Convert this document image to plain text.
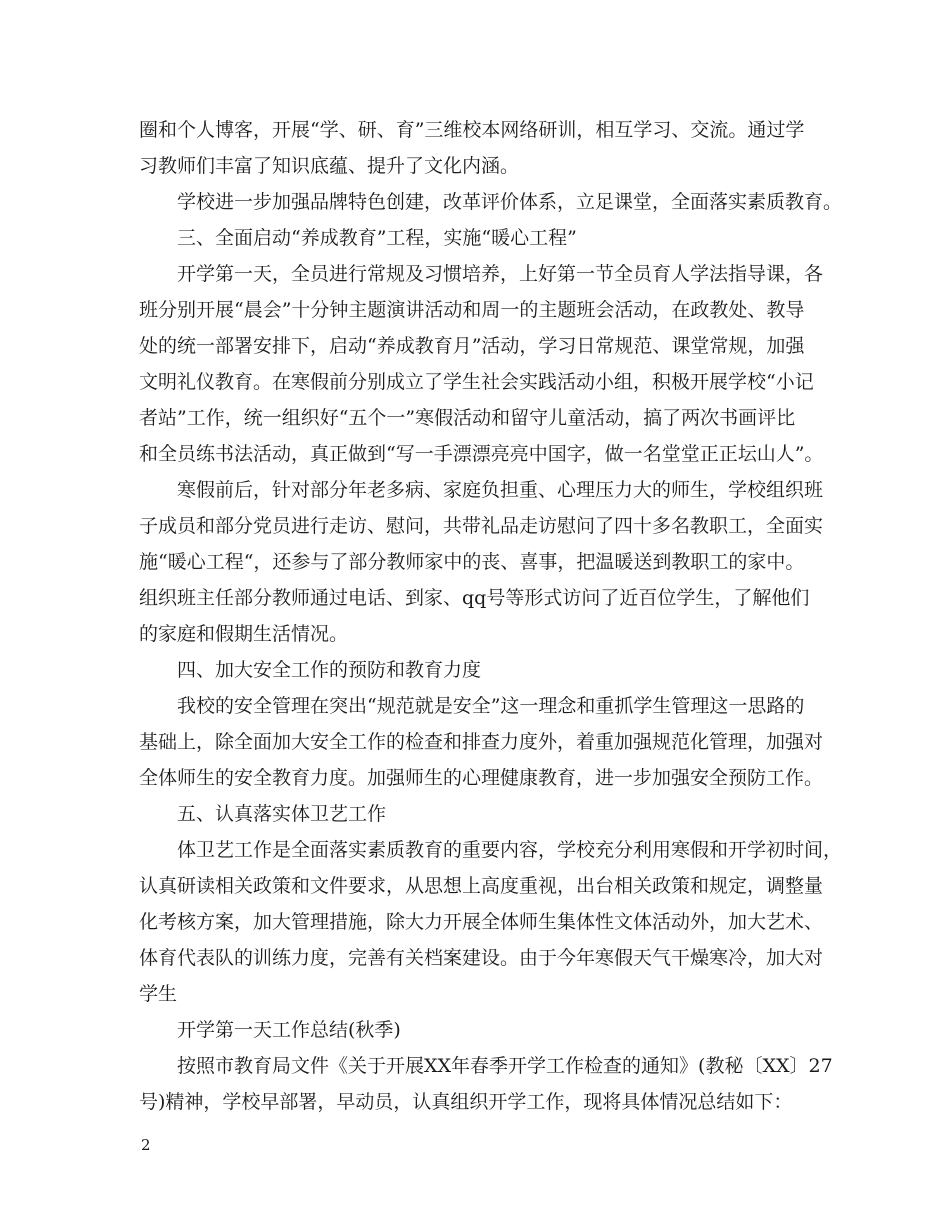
圈和个人博客，开展“学、研、育”三维校本网络研训，相互学习、交流。通过学
习教师们丰富了知识底蕴、提升了文化内涵。
学校进一步加强品牌特色创建，改革评价体系，立足课堂，全面落实素质教育。
三、全面启动“养成教育”工程，实施“暖心工程”
开学第一天，全员进行常规及习惯培养，上好第一节全员育人学法指导课，各
班分别开展“晨会”十分钟主题演讲活动和周一的主题班会活动，在政教处、教导
处的统一部署安排下，启动“养成教育月”活动，学习日常规范、课堂常规，加强
文明礼仪教育。在寒假前分别成立了学生社会实践活动小组，积极开展学校“小记
者站”工作，统一组织好“五个一”寒假活动和留守儿童活动，搞了两次书画评比
和全员练书法活动，真正做到“写一手漂漂亮亮中国字，做一名堂堂正正坛山人”。
寒假前后，针对部分年老多病、家庭负担重、心理压力大的师生，学校组织班
子成员和部分党员进行走访、慰问，共带礼品走访慰问了四十多名教职工，全面实
施“暖心工程“，还参与了部分教师家中的丧、喜事，把温暖送到教职工的家中。
组织班主任部分教师通过电话、到家、qq号等形式访问了近百位学生，了解他们
的家庭和假期生活情况。
四、加大安全工作的预防和教育力度
我校的安全管理在突出“规范就是安全”这一理念和重抓学生管理这一思路的
基础上，除全面加大安全工作的检查和排查力度外，着重加强规范化管理，加强对
全体师生的安全教育力度。加强师生的心理健康教育，进一步加强安全预防工作。
五、认真落实体卫艺工作
体卫艺工作是全面落实素质教育的重要内容，学校充分利用寒假和开学初时间，
认真研读相关政策和文件要求，从思想上高度重视，出台相关政策和规定，调整量
化考核方案，加大管理措施，除大力开展全体师生集体性文体活动外，加大艺术、
体育代表队的训练力度，完善有关档案建设。由于今年寒假天气干燥寒冷，加大对
学生
开学第一天工作总结(秋季)
按照市教育局文件《关于开展XX年春季开学工作检查的通知》(教秘〔XX〕27
号)精神，学校早部署，早动员，认真组织开学工作，现将具体情况总结如下：
2
